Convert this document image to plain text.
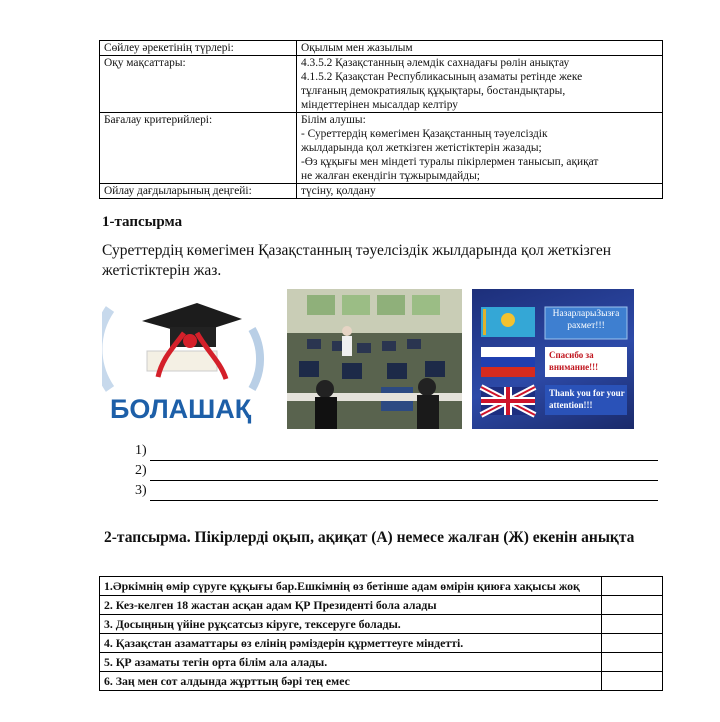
Сөйлеу әрекетінің түрлері:	Оқылым мен жазылым

Оқу мақсаттары:	4.3.5.2 Қазақстанның әлемдік сахнадағы рөлін анықтау
4.1.5.2 Қазақстан Республикасының азаматы ретінде жеке
тұлғаның демократиялық құқықтары, бостандықтары,
міндеттерінен мысалдар келтіру

Бағалау критерийлері:	Білім алушы:
- Суреттердің көмегімен Қазақстанның тәуелсіздік
жылдарында қол жеткізген жетістіктерін жазады;
-Өз құқығы мен міндеті туралы пікірлермен танысып, ақиқат
не жалған екендігін тұжырымдайды;

Ойлау дағдыларының деңгейі:	түсіну, қолдану
1-тапсырма
Суреттердің көмегімен Қазақстанның тәуелсіздік жылдарында қол жеткізген жетістіктерін жаз.
БОЛАШАҚ
НазарларыЗызға рахмет!!!
Спасибо за вниманиe!!!
Thank you for your attention!!!
1)
2)
3)
2-тапсырма. Пікірлерді оқып, ақиқат (А) немесе жалған (Ж) екенін анықта
1.Әркімнің өмір сүруге құқығы бар.Ешкімнің өз бетінше адам өмірін қиюға хақысы жоқ	
2. Кез-келген 18 жастан асқан адам ҚР Президенті бола алады	
3. Досыңның үйіне рұқсатсыз кіруге, тексеруге болады.	
4. Қазақстан азаматтары өз елінің рәміздерін құрметтеуге міндетті.	
5. ҚР азаматы тегін орта білім ала алады.	
6. Заң мен сот алдында жұрттың бәрі тең емес	
